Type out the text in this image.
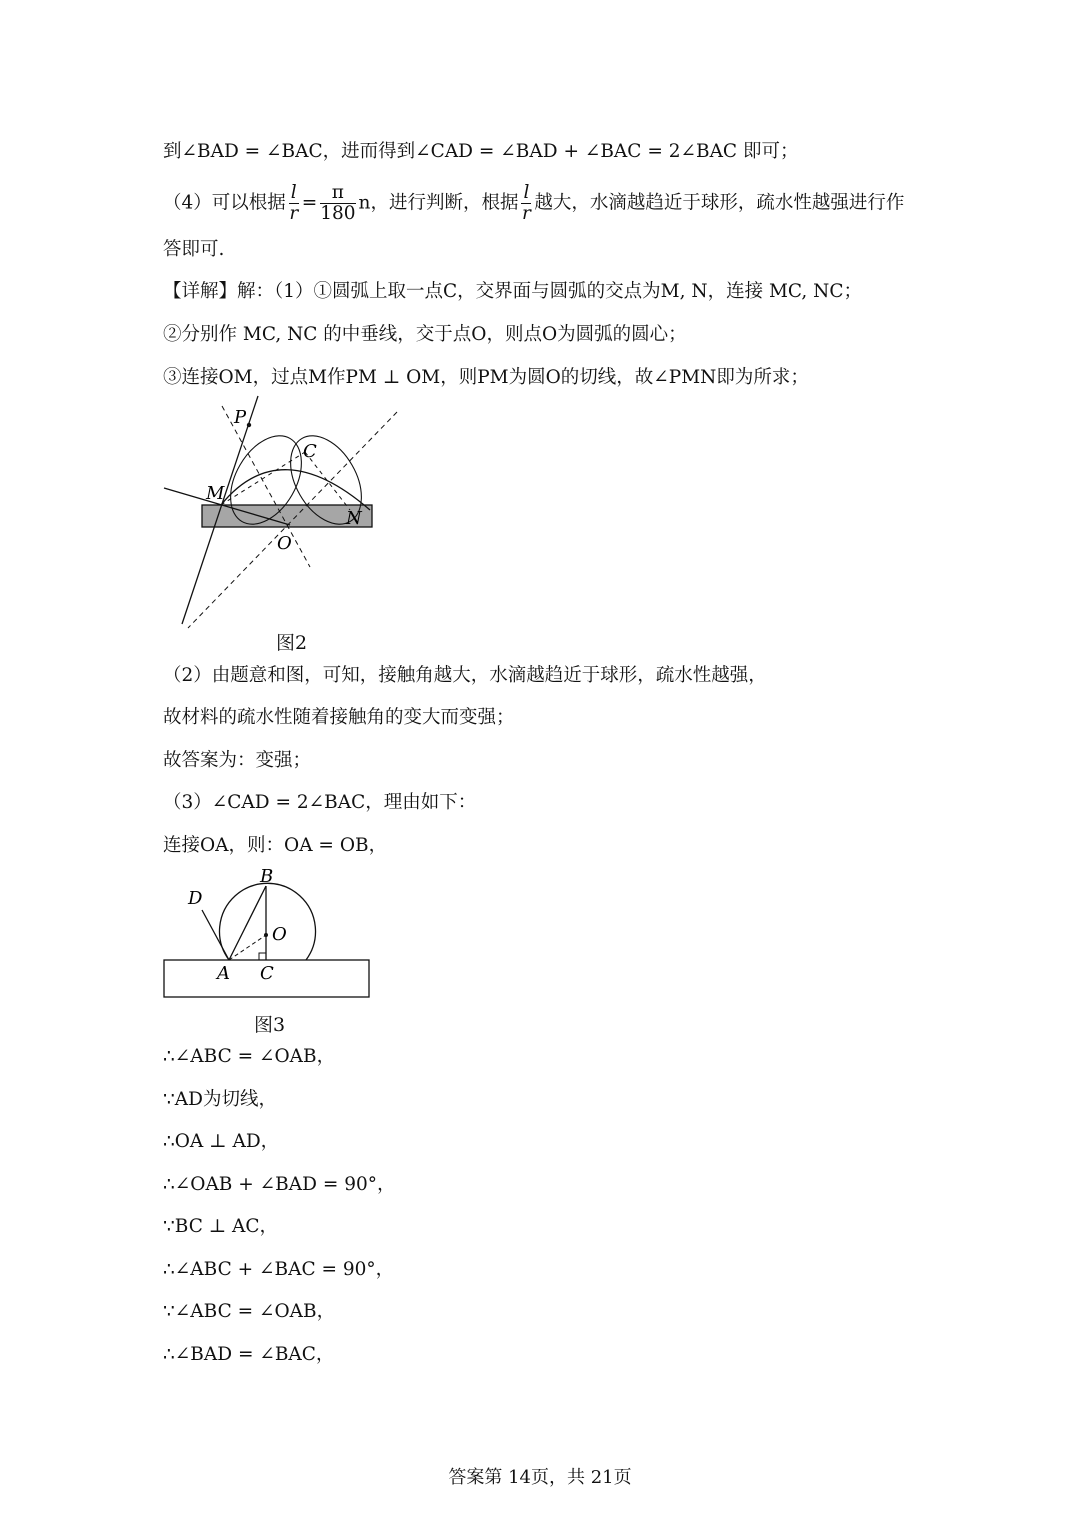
到∠BAD = ∠BAC，进而得到∠CAD = ∠BAD + ∠BAC = 2∠BAC 即可；
（4）可以根据 $\frac{l}{r} = \frac{\pi}{180}$ n，进行判断，根据 $\frac{l}{r}$ 越大，水滴越趋近于球形，疏水性越强进行作
答即可.
【详解】解：（1）①圆弧上取一点C，交界面与圆弧的交点为M, N，连接 MC, NC；
②分别作 MC, NC 的中垂线，交于点O，则点O为圆弧的圆心；
③连接OM，过点M作PM ⊥ OM，则PM为圆O的切线，故∠PMN即为所求；
P
C
M
N
O
图2
（2）由题意和图，可知，接触角越大，水滴越趋近于球形，疏水性越强，
故材料的疏水性随着接触角的变大而变强；
故答案为：变强；
（3）∠CAD = 2∠BAC，理由如下：
连接OA，则：OA = OB，
B
D
O
A C
图3
∴∠ABC = ∠OAB，
∵AD为切线，
∴OA ⊥ AD，
∴∠OAB + ∠BAD = 90°，
∵BC ⊥ AC，
∴∠ABC + ∠BAC = 90°，
∵∠ABC = ∠OAB，
∴∠BAD = ∠BAC，
答案第 14页，共 21页
